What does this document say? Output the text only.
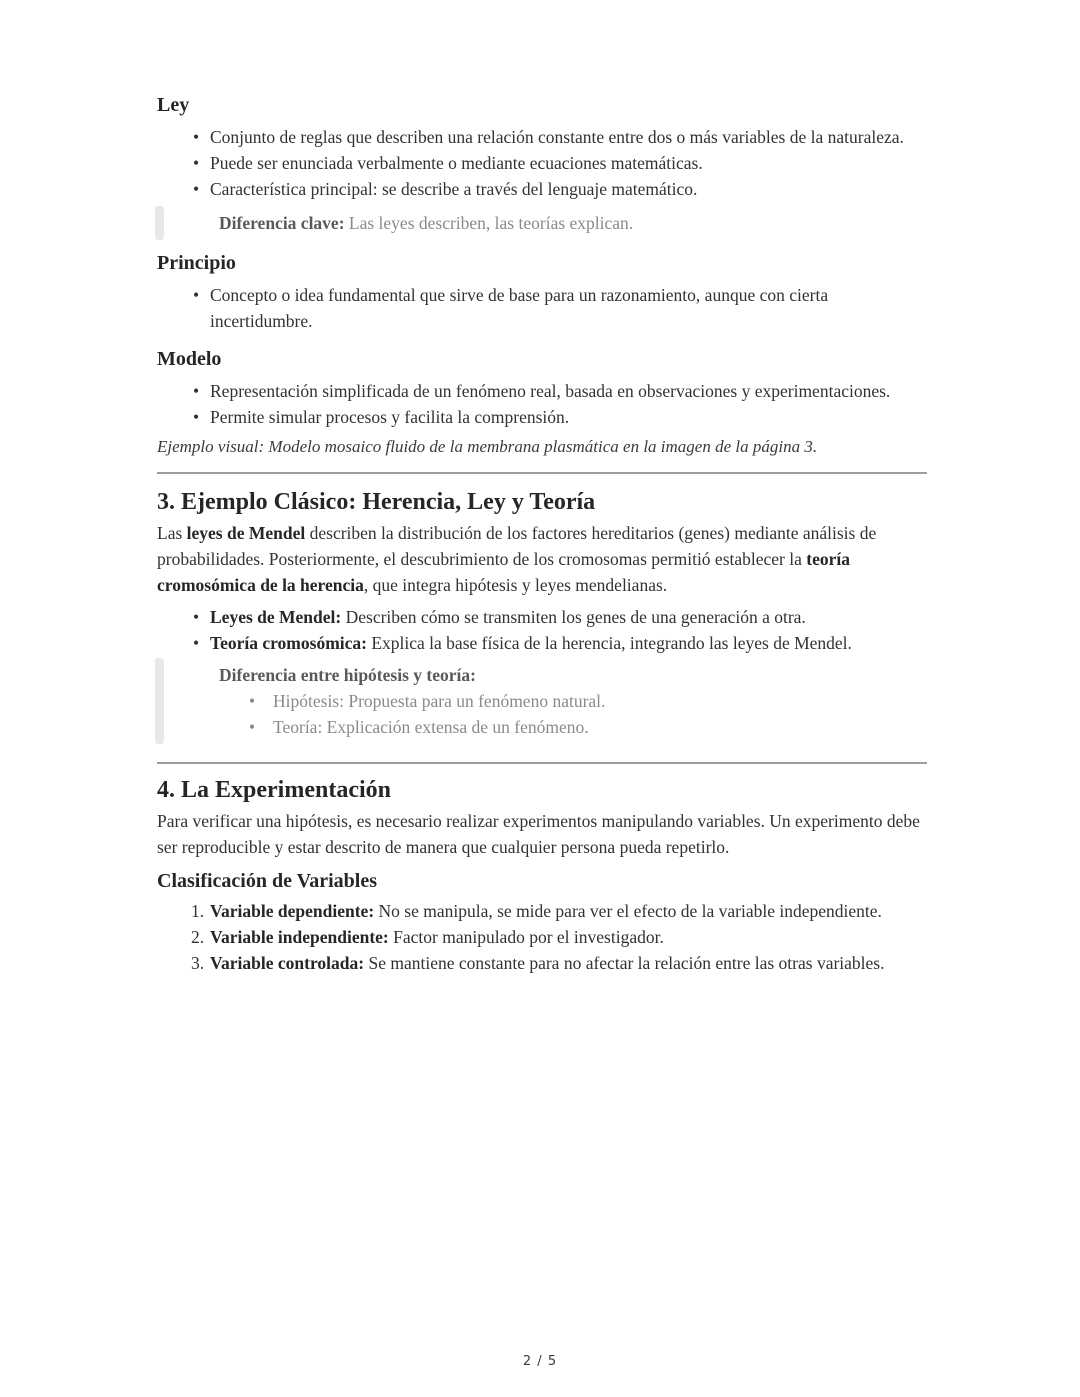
Ley
• Conjunto de reglas que describen una relación constante entre dos o más variables de la naturaleza.
• Puede ser enunciada verbalmente o mediante ecuaciones matemáticas.
• Característica principal: se describe a través del lenguaje matemático.

Diferencia clave: Las leyes describen, las teorías explican.

Principio
• Concepto o idea fundamental que sirve de base para un razonamiento, aunque con cierta incertidumbre.
Modelo
• Representación simplificada de un fenómeno real, basada en observaciones y experimentaciones.
• Permite simular procesos y facilita la comprensión.

Ejemplo visual: Modelo mosaico fluido de la membrana plasmática en la imagen de la página 3.

3. Ejemplo Clásico: Herencia, Ley y Teoría

Las leyes de Mendel describen la distribución de los factores hereditarios (genes) mediante análisis de probabilidades. Posteriormente, el descubrimiento de los cromosomas permitió establecer la teoría cromosómica de la herencia, que integra hipótesis y leyes mendelianas.

• Leyes de Mendel: Describen cómo se transmiten los genes de una generación a otra.
• Teoría cromosómica: Explica la base física de la herencia, integrando las leyes de Mendel.

Diferencia entre hipótesis y teoría:

• Hipótesis: Propuesta para un fenómeno natural.
• Teoría: Explicación extensa de un fenómeno.
4. La Experimentación

Para verificar una hipótesis, es necesario realizar experimentos manipulando variables. Un experimento debe ser reproducible y estar descrito de manera que cualquier persona pueda repetirlo.

Clasificación de Variables
1. Variable dependiente: No se manipula, se mide para ver el efecto de la variable independiente.
2. Variable independiente: Factor manipulado por el investigador.
3. Variable controlada: Se mantiene constante para no afectar la relación entre las otras variables.
2 / 5
